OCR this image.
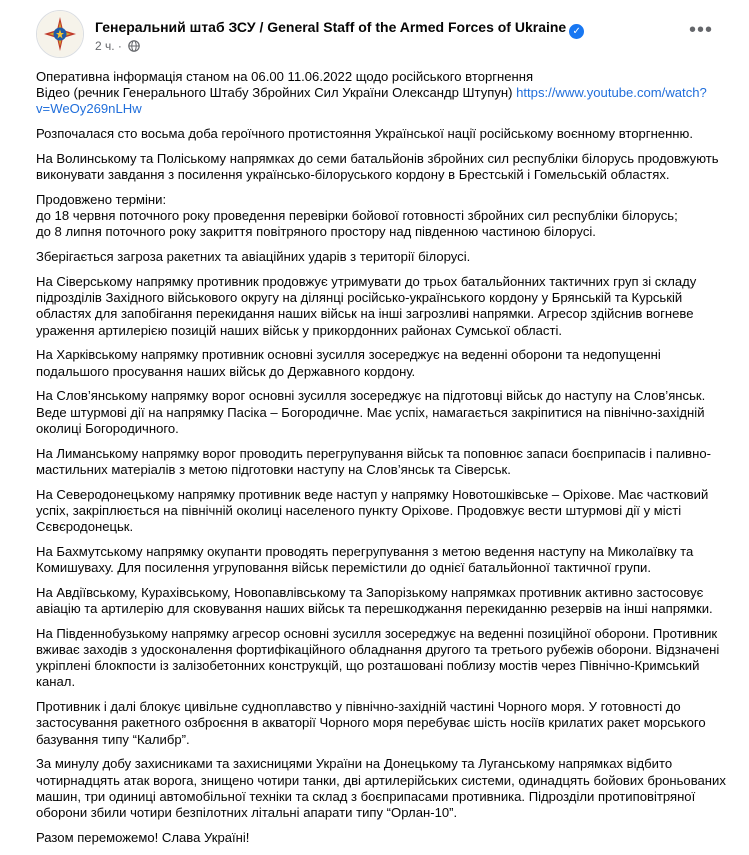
Генеральний штаб ЗСУ / General Staff of the Armed Forces of Ukraine ✓
2 ч. ·
•••

Оперативна інформація станом на 06.00 11.06.2022 щодо російського вторгнення
Відео (речник Генерального Штабу Збройних Сил України Олександр Штупун) https://www.youtube.com/watch?v=WeOy269nLHw

Розпочалася сто восьма доба героїчного протистояння Української нації російському воєнному вторгненню.

На Волинському та Поліському напрямках до семи батальйонів збройних сил республіки білорусь продовжують
виконувати завдання з посилення українсько-білоруського кордону в Брестській і Гомельській областях.

Продовжено терміни:
до 18 червня поточного року проведення перевірки бойової готовності збройних сил республіки білорусь;
до 8 липня поточного року закриття повітряного простору над південною частиною білорусі.

Зберігається загроза ракетних та авіаційних ударів з території білорусі.

На Сіверському напрямку противник продовжує утримувати до трьох батальйонних тактичних груп зі складу
підрозділів Західного військового округу на ділянці російсько-українського кордону у Брянській та Курській
областях для запобігання перекидання наших військ на інші загрозливі напрямки. Агресор здійснив вогневе
ураження артилерією позицій наших військ у прикордонних районах Сумської області.

На Харківському напрямку противник основні зусилля зосереджує на веденні оборони та недопущенні
подальшого просування наших військ до Державного кордону.

На Слов’янському напрямку ворог основні зусилля зосереджує на підготовці військ до наступу на Слов’янськ.
Веде штурмові дії на напрямку Пасіка – Богородичне. Має успіх, намагається закріпитися на північно-західній
околиці Богородичного.

На Лиманському напрямку ворог проводить перегрупування військ та поповнює запаси боєприпасів і паливно-
мастильних матеріалів з метою підготовки наступу на Слов’янськ та Сіверськ.

На Северодонецькому напрямку противник веде наступ у напрямку Новотошківське – Оріхове. Має частковий
успіх, закріплюється на північній околиці населеного пункту Оріхове. Продовжує вести штурмові дії у місті
Сєвєродонецьк.

На Бахмутському напрямку окупанти проводять перегрупування з метою ведення наступу на Миколаївку та
Комишуваху. Для посилення угруповання військ перемістили до однієї батальйонної тактичної групи.

На Авдіївському, Курахівському, Новопавлівському та Запорізькому напрямках противник активно застосовує
авіацію та артилерію для сковування наших військ та перешкоджання перекиданню резервів на інші напрямки.

На Південнобузькому напрямку агресор основні зусилля зосереджує на веденні позиційної оборони. Противник
вживає заходів з удосконалення фортифікаційного обладнання другого та третього рубежів оборони. Відзначені
укріплені блокпости із залізобетонних конструкцій, що розташовані поблизу мостів через Північно-Кримський
канал.

Противник і далі блокує цивільне судноплавство у північно-західній частині Чорного моря. У готовності до
застосування ракетного озброєння в акваторії Чорного моря перебуває шість носіїв крилатих ракет морського
базування типу “Калибр”.

За минулу добу захисниками та захисницями України на Донецькому та Луганському напрямках відбито
чотирнадцять атак ворога, знищено чотири танки, дві артилерійських системи, одинадцять бойових броньованих
машин, три одиниці автомобільної техніки та склад з боєприпасами противника. Підрозділи протиповітряної
оборони збили чотири безпілотних літальні апарати типу “Орлан-10”.

Разом переможемо! Слава Україні!
